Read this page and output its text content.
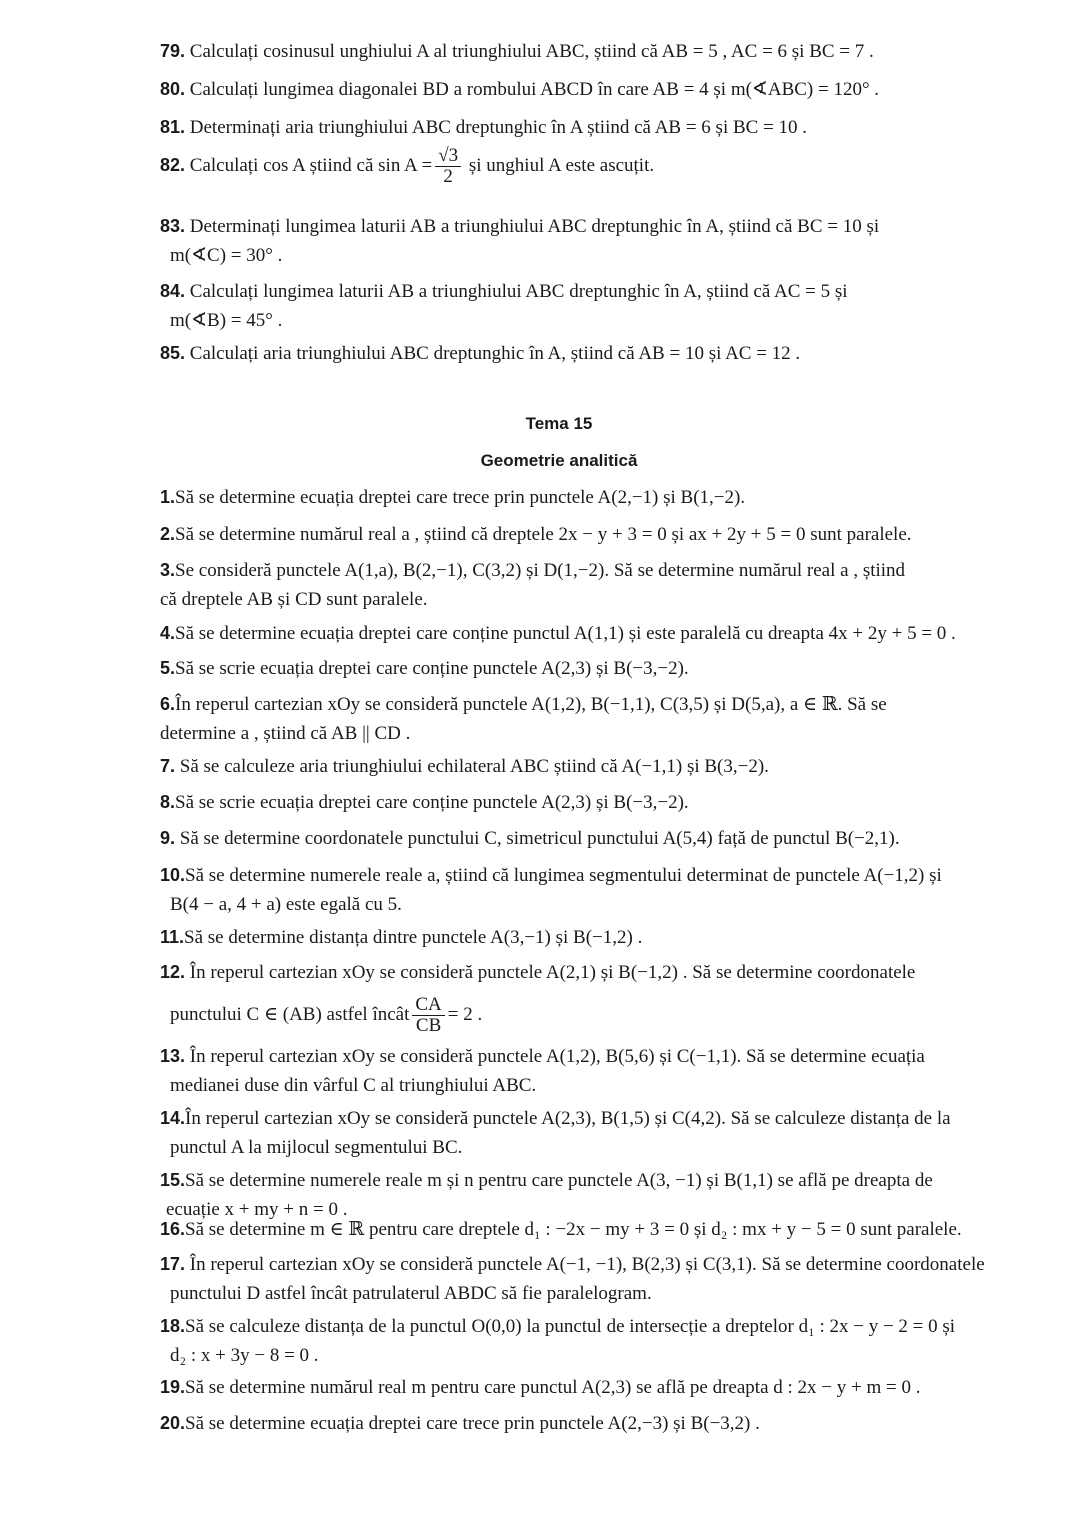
79. Calculați cosinusul unghiului A al triunghiului ABC, știind că AB = 5 , AC = 6 și BC = 7 .
80. Calculați lungimea diagonalei BD a rombului ABCD în care AB = 4 și m(∢ABC) = 120° .
81. Determinați aria triunghiului ABC dreptunghic în A știind că AB = 6 și BC = 10 .
82. Calculați cos A știind că $\sin A = \frac{√3}{2}$ și unghiul A este ascuțit.
83. Determinați lungimea laturii AB a triunghiului ABC dreptunghic în A, știind că BC = 10 și
m(∢C) = 30° .
84. Calculați lungimea laturii AB a triunghiului ABC dreptunghic în A, știind că AC = 5 și
m(∢B) = 45° .
85. Calculați aria triunghiului ABC dreptunghic în A, știind că AB = 10 și AC = 12 .
Tema 15
Geometrie analitică
1.Să se determine ecuația dreptei care trece prin punctele A(2,−1) și B(1,−2).
2.Să se determine numărul real a , știind că dreptele 2x − y + 3 = 0 și ax + 2y + 5 = 0 sunt paralele.
3.Se consideră punctele A(1,a), B(2,−1), C(3,2) și D(1,−2). Să se determine numărul real a , știind
că dreptele AB și CD sunt paralele.
4.Să se determine ecuația dreptei care conține punctul A(1,1) și este paralelă cu dreapta 4x + 2y + 5 = 0 .
5.Să se scrie ecuația dreptei care conține punctele A(2,3) și B(−3,−2).
6.În reperul cartezian xOy se consideră punctele A(1,2), B(−1,1), C(3,5) și D(5,a), a ∈ ℝ. Să se
determine a , știind că AB || CD .
7. Să se calculeze aria triunghiului echilateral ABC știind că A(−1,1) și B(3,−2).
8.Să se scrie ecuația dreptei care conține punctele A(2,3) și B(−3,−2).
9. Să se determine coordonatele punctului C, simetricul punctului A(5,4) față de punctul B(−2,1).
10.Să se determine numerele reale a, știind că lungimea segmentului determinat de punctele A(−1,2) și
B(4 − a, 4 + a) este egală cu 5.
11.Să se determine distanța dintre punctele A(3,−1) și B(−1,2) .
12. În reperul cartezian xOy se consideră punctele A(2,1) și B(−1,2) . Să se determine coordonatele
punctului C ∈ (AB) astfel încât $\frac{CA}{CB} = 2$ .
13. În reperul cartezian xOy se consideră punctele A(1,2), B(5,6) și C(−1,1). Să se determine ecuația
medianei duse din vârful C al triunghiului ABC.
14.În reperul cartezian xOy se consideră punctele A(2,3), B(1,5) și C(4,2). Să se calculeze distanța de la
punctul A la mijlocul segmentului BC.
15.Să se determine numerele reale m și n pentru care punctele A(3, −1) și B(1,1) se află pe dreapta de
ecuație x + my + n = 0 .
16.Să se determine m ∈ ℝ pentru care dreptele d₁ : −2x − my + 3 = 0 și d₂ : mx + y − 5 = 0 sunt paralele.
17. În reperul cartezian xOy se consideră punctele A(−1, −1), B(2,3) și C(3,1). Să se determine coordonatele
punctului D astfel încât patrulaterul ABDC să fie paralelogram.
18.Să se calculeze distanța de la punctul O(0,0) la punctul de intersecție a dreptelor d₁ : 2x − y − 2 = 0 și
d₂ : x + 3y − 8 = 0 .
19.Să se determine numărul real m pentru care punctul A(2,3) se află pe dreapta d : 2x − y + m = 0 .
20.Să se determine ecuația dreptei care trece prin punctele A(2,−3) și B(−3,2) .
